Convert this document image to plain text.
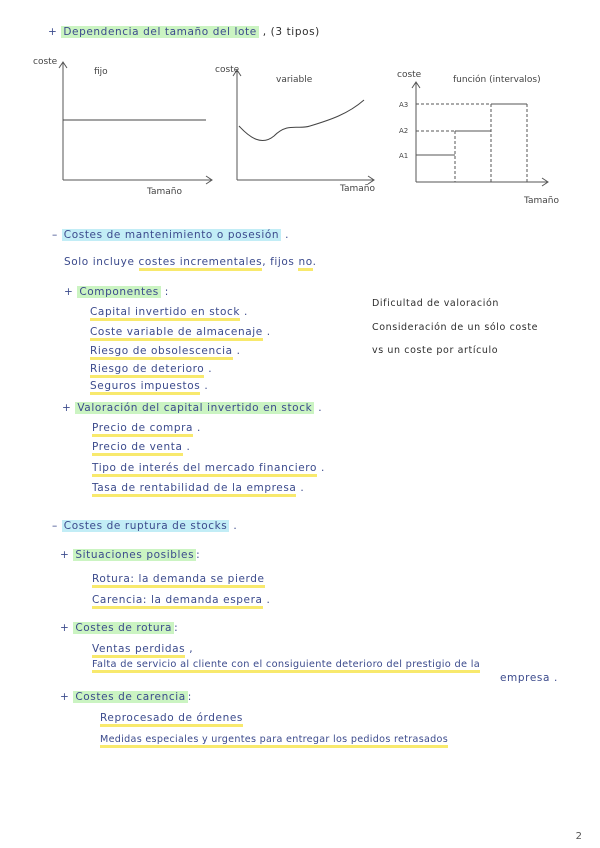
+ Dependencia del tamaño del lote , (3 tipos)
coste
fijo
Tamaño
coste
variable
Tamaño
coste	función (intervalos)
A3
A2
A1
Tamaño
– Costes de mantenimiento o posesión .
Solo incluye costes incrementales, fijos no.
+ Componentes :
Capital invertido en stock .
Coste variable de almacenaje .
Riesgo de obsolescencia .
Riesgo de deterioro .
Seguros impuestos .
Dificultad de valoración
Consideración de un sólo coste
vs un coste por artículo
+ Valoración del capital invertido en stock .
Precio de compra .
Precio de venta .
Tipo de interés del mercado financiero .
Tasa de rentabilidad de la empresa .
– Costes de ruptura de stocks .
+ Situaciones posibles :
Rotura: la demanda se pierde
Carencia: la demanda espera .
+ Costes de rotura :
Ventas perdidas ,
Falta de servicio al cliente con el consiguiente deterioro del prestigio de la
empresa .
+ Costes de carencia :
Reprocesado de órdenes
Medidas especiales y urgentes para entregar los pedidos retrasados
2
